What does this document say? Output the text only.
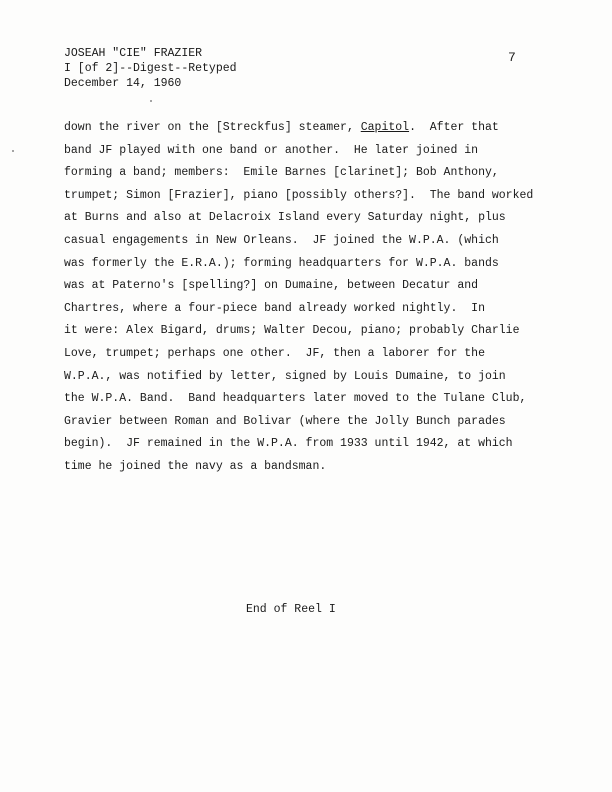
JOSEAH "CIE" FRAZIER
I [of 2]--Digest--Retyped
December 14, 1960
7
down the river on the [Streckfus] steamer, Capitol.  After that
band JF played with one band or another.  He later joined in
forming a band; members:  Emile Barnes [clarinet]; Bob Anthony,
trumpet; Simon [Frazier], piano [possibly others?].  The band worked
at Burns and also at Delacroix Island every Saturday night, plus
casual engagements in New Orleans.  JF joined the W.P.A. (which
was formerly the E.R.A.); forming headquarters for W.P.A. bands
was at Paterno's [spelling?] on Dumaine, between Decatur and
Chartres, where a four-piece band already worked nightly.  In
it were: Alex Bigard, drums; Walter Decou, piano; probably Charlie
Love, trumpet; perhaps one other.  JF, then a laborer for the
W.P.A., was notified by letter, signed by Louis Dumaine, to join
the W.P.A. Band.  Band headquarters later moved to the Tulane Club,
Gravier between Roman and Bolivar (where the Jolly Bunch parades
begin).  JF remained in the W.P.A. from 1933 until 1942, at which
time he joined the navy as a bandsman.
End of Reel I
